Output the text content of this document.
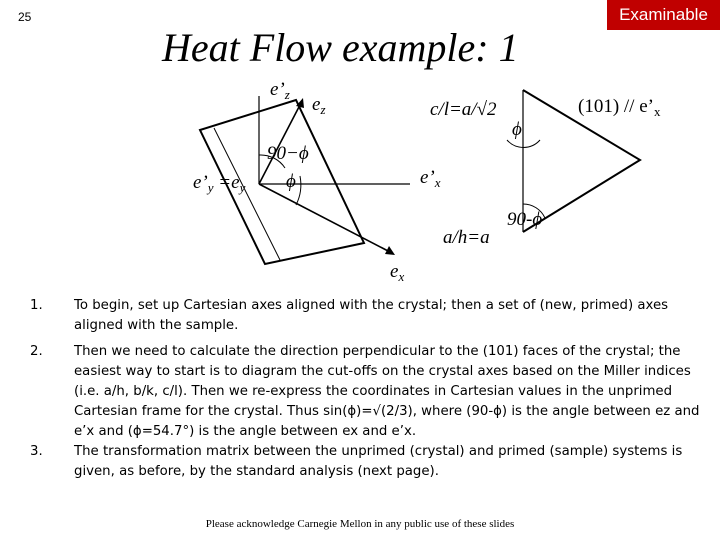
25	Examinable
Heat Flow example: 1
$e’_z$ $e_z$
$e’_y =e_y$
90−ϕ
ϕ	$e’_x$
$e_x$
c/l=a/√2
ϕ
$(101) // e’_x$
a/h=a
90-ϕ
1.	To begin, set up Cartesian axes aligned with the crystal; then a set of (new, primed) axes aligned with the sample.
2.	Then we need to calculate the direction perpendicular to the (101) faces of the crystal; the easiest way to start is to diagram the cut-offs on the crystal axes based on the Miller indices (i.e. a/h, b/k, c/l). Then we re-express the coordinates in Cartesian values in the unprimed Cartesian frame for the crystal. Thus sin(ϕ)=√(2/3), where (90-ϕ) is the angle between ez and e’x and (ϕ=54.7°) is the angle between ex and e’x.
3.	The transformation matrix between the unprimed (crystal) and primed (sample) systems is given, as before, by the standard analysis (next page).
Please acknowledge Carnegie Mellon in any public use of these slides
